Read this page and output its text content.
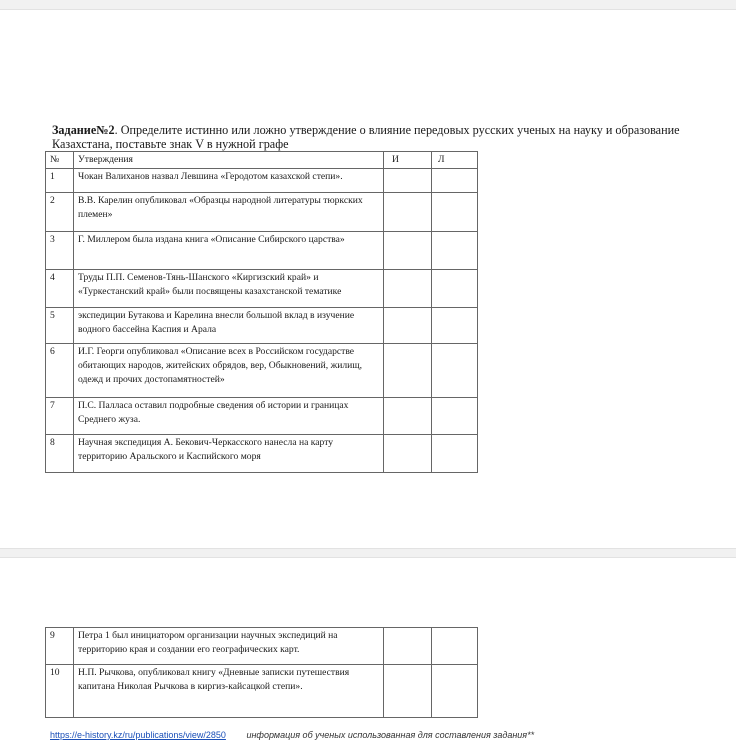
Задание№2. Определите истинно или ложно утверждение о влияние передовых русских ученых на науку и образование Казахстана, поставьте знак V в нужной графе
№	Утверждения	И	Л
1	Чокан Валиханов назвал Левшина «Геродотом казахской степи».		
2	В.В. Карелин опубликовал «Образцы народной литературы тюркских племен»		
3	Г. Миллером была издана книга «Описание Сибирского царства»		
4	Труды П.П. Семенов-Тянь-Шанского «Киргизский край» и «Туркестанский край» были посвящены казахстанской тематике		
5	экспедиции Бутакова и Карелина внесли большой вклад в изучение водного бассейна Каспия и Арала		
6	И.Г. Георги опубликовал «Описание всех в Российском государстве обитающих народов, житейских обрядов, вер, Обыкновений, жилищ, одежд и прочих достопамятностей»		
7	П.С. Палласа оставил подробные сведения об истории и границах Среднего жуза.		
8	Научная экспедиция А. Бекович-Черкасского нанесла на карту территорию Аральского и Каспийского моря		
9	Петра 1 был инициатором организации научных экспедиций на территорию края и создании его географических карт.		
10	Н.П. Рычкова, опубликовал книгу «Дневные записки путешествия капитана Николая Рычкова в киргиз-кайсацкой степи».		
https://e-history.kz/ru/publications/view/2850 информация об ученых использованная для составления задания**
